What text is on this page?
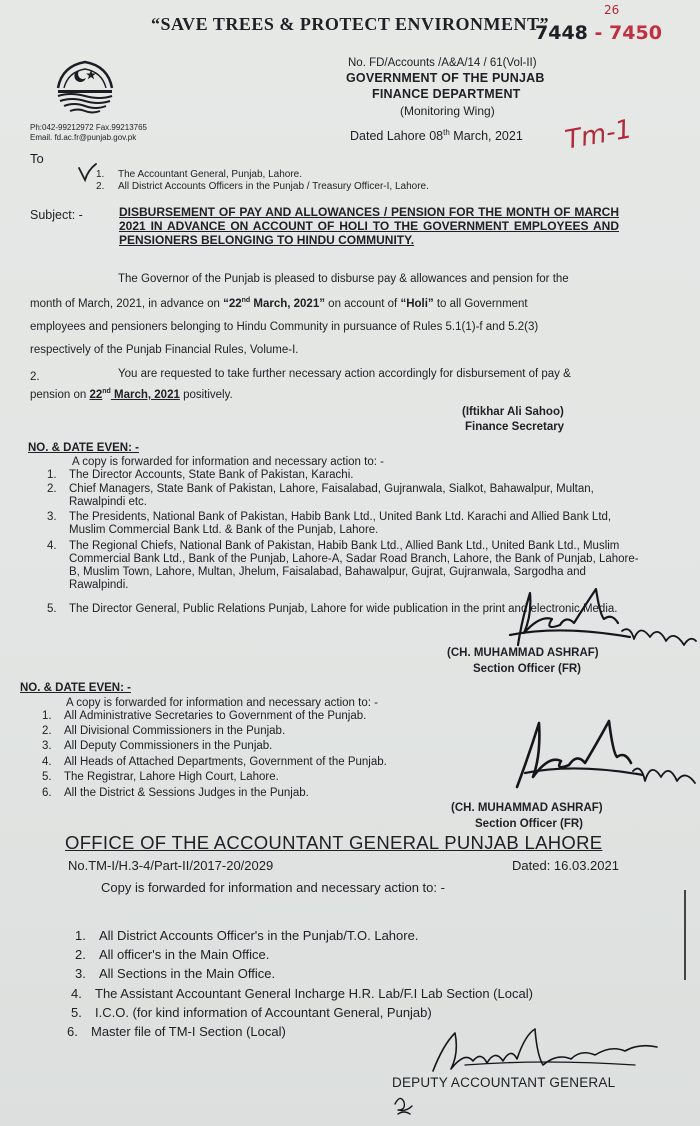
“SAVE TREES & PROTECT ENVIRONMENT”
7448 - 7450
26
Ph:042-99212972 Fax.99213765
Email. fd.ac.fr@punjab.gov.pk
To
No. FD/Accounts /A&A/14 / 61(Vol-II)
GOVERNMENT OF THE PUNJAB
FINANCE DEPARTMENT
(Monitoring Wing)
Dated Lahore 08th March, 2021 Tm-1
1. The Accountant General, Punjab, Lahore.
2. All District Accounts Officers in the Punjab / Treasury Officer-I, Lahore.
Subject: -	DISBURSEMENT OF PAY AND ALLOWANCES / PENSION FOR THE MONTH OF MARCH 2021 IN ADVANCE ON ACCOUNT OF HOLI TO THE GOVERNMENT EMPLOYEES AND PENSIONERS BELONGING TO HINDU COMMUNITY.
The Governor of the Punjab is pleased to disburse pay & allowances and pension for the
month of March, 2021, in advance on “22nd March, 2021” on account of “Holi” to all Government
employees and pensioners belonging to Hindu Community in pursuance of Rules 5.1(1)-f and 5.2(3)
respectively of the Punjab Financial Rules, Volume-I.
2.	You are requested to take further necessary action accordingly for disbursement of pay &
pension on 22nd March, 2021 positively.
(Iftikhar Ali Sahoo)
Finance Secretary
NO. & DATE EVEN: -
A copy is forwarded for information and necessary action to: -
1. The Director Accounts, State Bank of Pakistan, Karachi.
2. Chief Managers, State Bank of Pakistan, Lahore, Faisalabad, Gujranwala, Sialkot, Bahawalpur, Multan, Rawalpindi etc.
3. The Presidents, National Bank of Pakistan, Habib Bank Ltd., United Bank Ltd. Karachi and Allied Bank Ltd, Muslim Commercial Bank Ltd. & Bank of the Punjab, Lahore.
4. The Regional Chiefs, National Bank of Pakistan, Habib Bank Ltd., Allied Bank Ltd., United Bank Ltd., Muslim Commercial Bank Ltd., Bank of the Punjab, Lahore-A, Sadar Road Branch, Lahore, the Bank of Punjab, Lahore-B, Muslim Town, Lahore, Multan, Jhelum, Faisalabad, Bahawalpur, Gujrat, Gujranwala, Sargodha and Rawalpindi.
5. The Director General, Public Relations Punjab, Lahore for wide publication in the print and electronic Media.
(CH. MUHAMMAD ASHRAF)
Section Officer (FR)
NO. & DATE EVEN: -
A copy is forwarded for information and necessary action to: -
1. All Administrative Secretaries to Government of the Punjab.
2. All Divisional Commissioners in the Punjab.
3. All Deputy Commissioners in the Punjab.
4. All Heads of Attached Departments, Government of the Punjab.
5. The Registrar, Lahore High Court, Lahore.
6. All the District & Sessions Judges in the Punjab.
(CH. MUHAMMAD ASHRAF)
Section Officer (FR)
OFFICE OF THE ACCOUNTANT GENERAL PUNJAB LAHORE
No.TM-I/H.3-4/Part-II/2017-20/2029	Dated: 16.03.2021
Copy is forwarded for information and necessary action to: -
1. All District Accounts Officer's in the Punjab/T.O. Lahore.
2. All officer's in the Main Office.
3. All Sections in the Main Office.
4. The Assistant Accountant General Incharge H.R. Lab/F.I Lab Section (Local)
5. I.C.O. (for kind information of Accountant General, Punjab)
6. Master file of TM-I Section (Local)
DEPUTY ACCOUNTANT GENERAL
